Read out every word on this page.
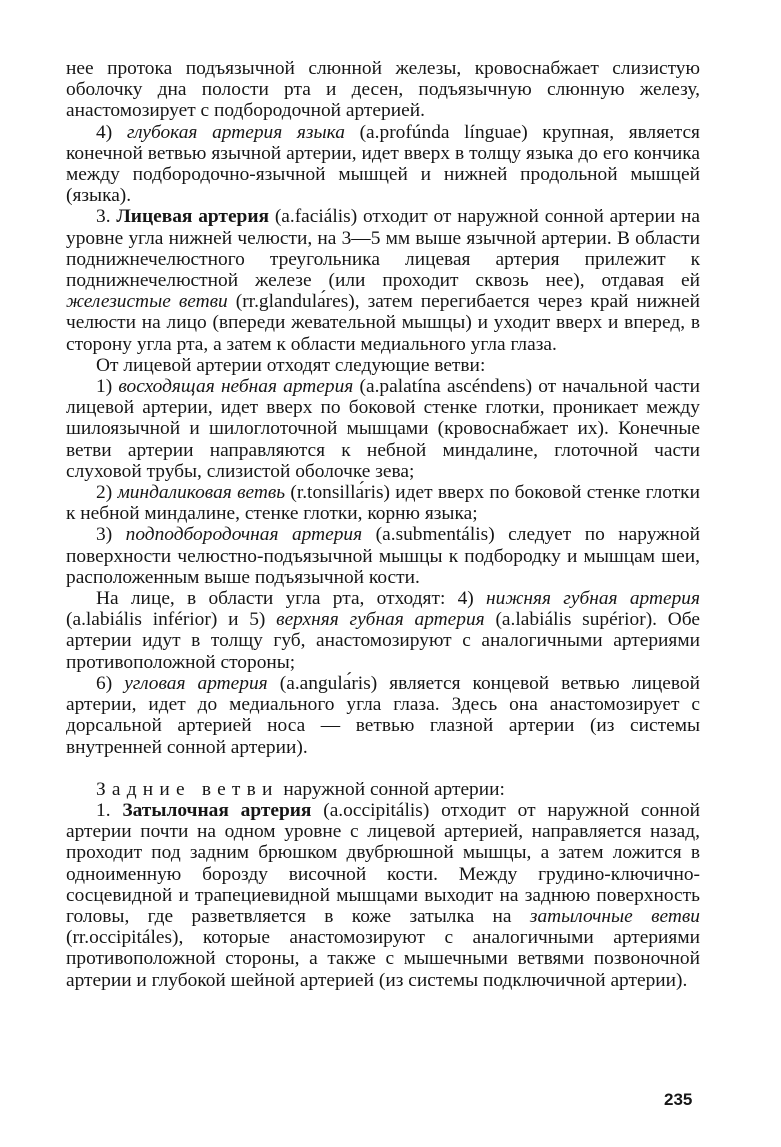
нее протока подъязычной слюнной железы, кровоснабжает слизистую оболочку дна полости рта и десен, подъязычную слюнную железу, анастомозирует с подбородочной артерией.

4) глубокая артерия языка (a.profúnda línguae) крупная, является конечной ветвью язычной артерии, идет вверх в толщу языка до его кончика между подбородочно-язычной мышцей и нижней продольной мышцей (языка).

3. Лицевая артерия (a.faciális) отходит от наружной сонной артерии на уровне угла нижней челюсти, на 3—5 мм выше язычной артерии. В области поднижнечелюстного треугольника лицевая артерия прилежит к поднижнечелюстной железе (или проходит сквозь нее), отдавая ей железистые ветви (rr.glandulа́res), затем перегибается через край нижней челюсти на лицо (впереди жевательной мышцы) и уходит вверх и вперед, в сторону угла рта, а затем к области медиального угла глаза.

От лицевой артерии отходят следующие ветви:

1) восходящая небная артерия (a.palatína ascéndens) от начальной части лицевой артерии, идет вверх по боковой стенке глотки, проникает между шилоязычной и шилоглоточной мышцами (кровоснабжает их). Конечные ветви артерии направляются к небной миндалине, глоточной части слуховой трубы, слизистой оболочке зева;

2) миндаликовая ветвь (r.tonsillа́ris) идет вверх по боковой стенке глотки к небной миндалине, стенке глотки, корню языка;

3) подподбородочная артерия (a.submentális) следует по наружной поверхности челюстно-подъязычной мышцы к подбородку и мышцам шеи, расположенным выше подъязычной кости.

На лице, в области угла рта, отходят: 4) нижняя губная артерия (a.labiális inférior) и 5) верхняя губная артерия (a.labiális supérior). Обе артерии идут в толщу губ, анастомозируют с аналогичными артериями противоположной стороны;

6) угловая артерия (a.angulа́ris) является концевой ветвью лицевой артерии, идет до медиального угла глаза. Здесь она анастомозирует с дорсальной артерией носа — ветвью глазной артерии (из системы внутренней сонной артерии).

Задние ветви наружной сонной артерии:

1. Затылочная артерия (a.occipitális) отходит от наружной сонной артерии почти на одном уровне с лицевой артерией, направляется назад, проходит под задним брюшком двубрюшной мышцы, а затем ложится в одноименную борозду височной кости. Между грудино-ключично-сосцевидной и трапециевидной мышцами выходит на заднюю поверхность головы, где разветвляется в коже затылка на затылочные ветви (rr.occipitáles), которые анастомозируют с аналогичными артериями противоположной стороны, а также с мышечными ветвями позвоночной артерии и глубокой шейной артерией (из системы подключичной артерии).

235
